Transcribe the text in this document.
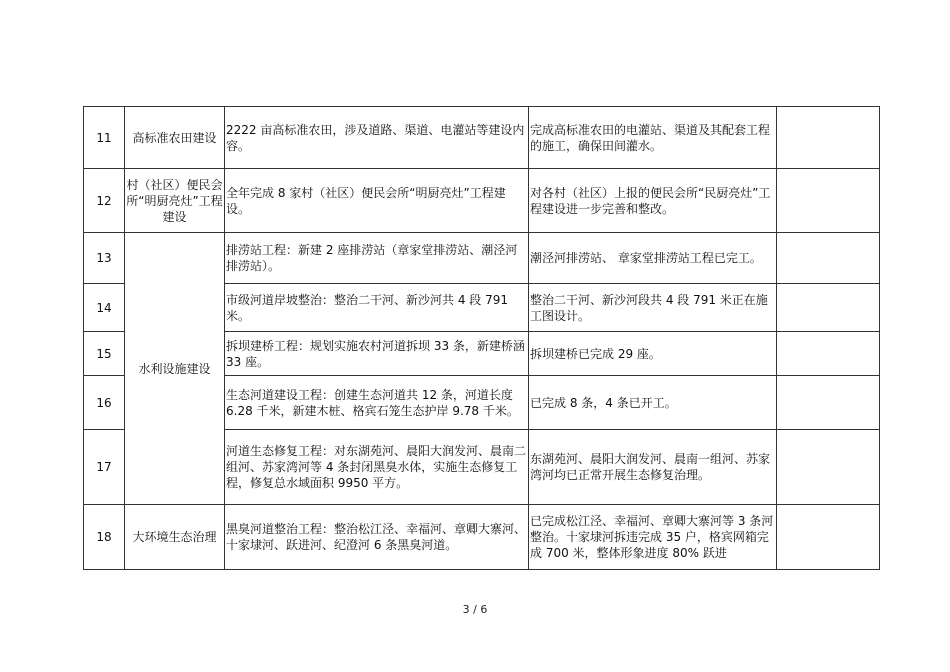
11	高标准农田建设	2222 亩高标准农田，涉及道路、渠道、电灌站等建设内容。	完成高标准农田的电灌站、渠道及其配套工程的施工，确保田间灌水。	
12	村（社区）便民会所“明厨亮灶”工程建设	全年完成 8 家村（社区）便民会所“明厨亮灶”工程建设。	对各村（社区）上报的便民会所“民厨亮灶”工程建设进一步完善和整改。	
13	水利设施建设	排涝站工程：新建 2 座排涝站（章家堂排涝站、潮泾河排涝站）。	潮泾河排涝站、 章家堂排涝站工程已完工。	
14		市级河道岸坡整治：整治二干河、新沙河共 4 段 791 米。	整治二干河、新沙河段共 4 段 791 米正在施工图设计。	
15		拆坝建桥工程：规划实施农村河道拆坝 33 条，新建桥涵 33 座。	拆坝建桥已完成 29 座。	
16		生态河道建设工程：创建生态河道共 12 条，河道长度 6.28 千米，新建木桩、格宾石笼生态护岸 9.78 千米。	已完成 8 条，4 条已开工。	
17		河道生态修复工程：对东湖苑河、晨阳大润发河、晨南二组河、苏家湾河等 4 条封闭黑臭水体，实施生态修复工程，修复总水域面积 9950 平方。	东湖苑河、晨阳大润发河、晨南一组河、苏家湾河均已正常开展生态修复治理。	
18	大环境生态治理	黑臭河道整治工程：整治松江泾、幸福河、章卿大寨河、十家埭河、跃进河、纪澄河 6 条黑臭河道。	已完成松江泾、幸福河、章卿大寨河等 3 条河整治。十家埭河拆违完成 35 户，格宾网箱完成 700 米，整体形象进度 80% 跃进	
3 / 6
